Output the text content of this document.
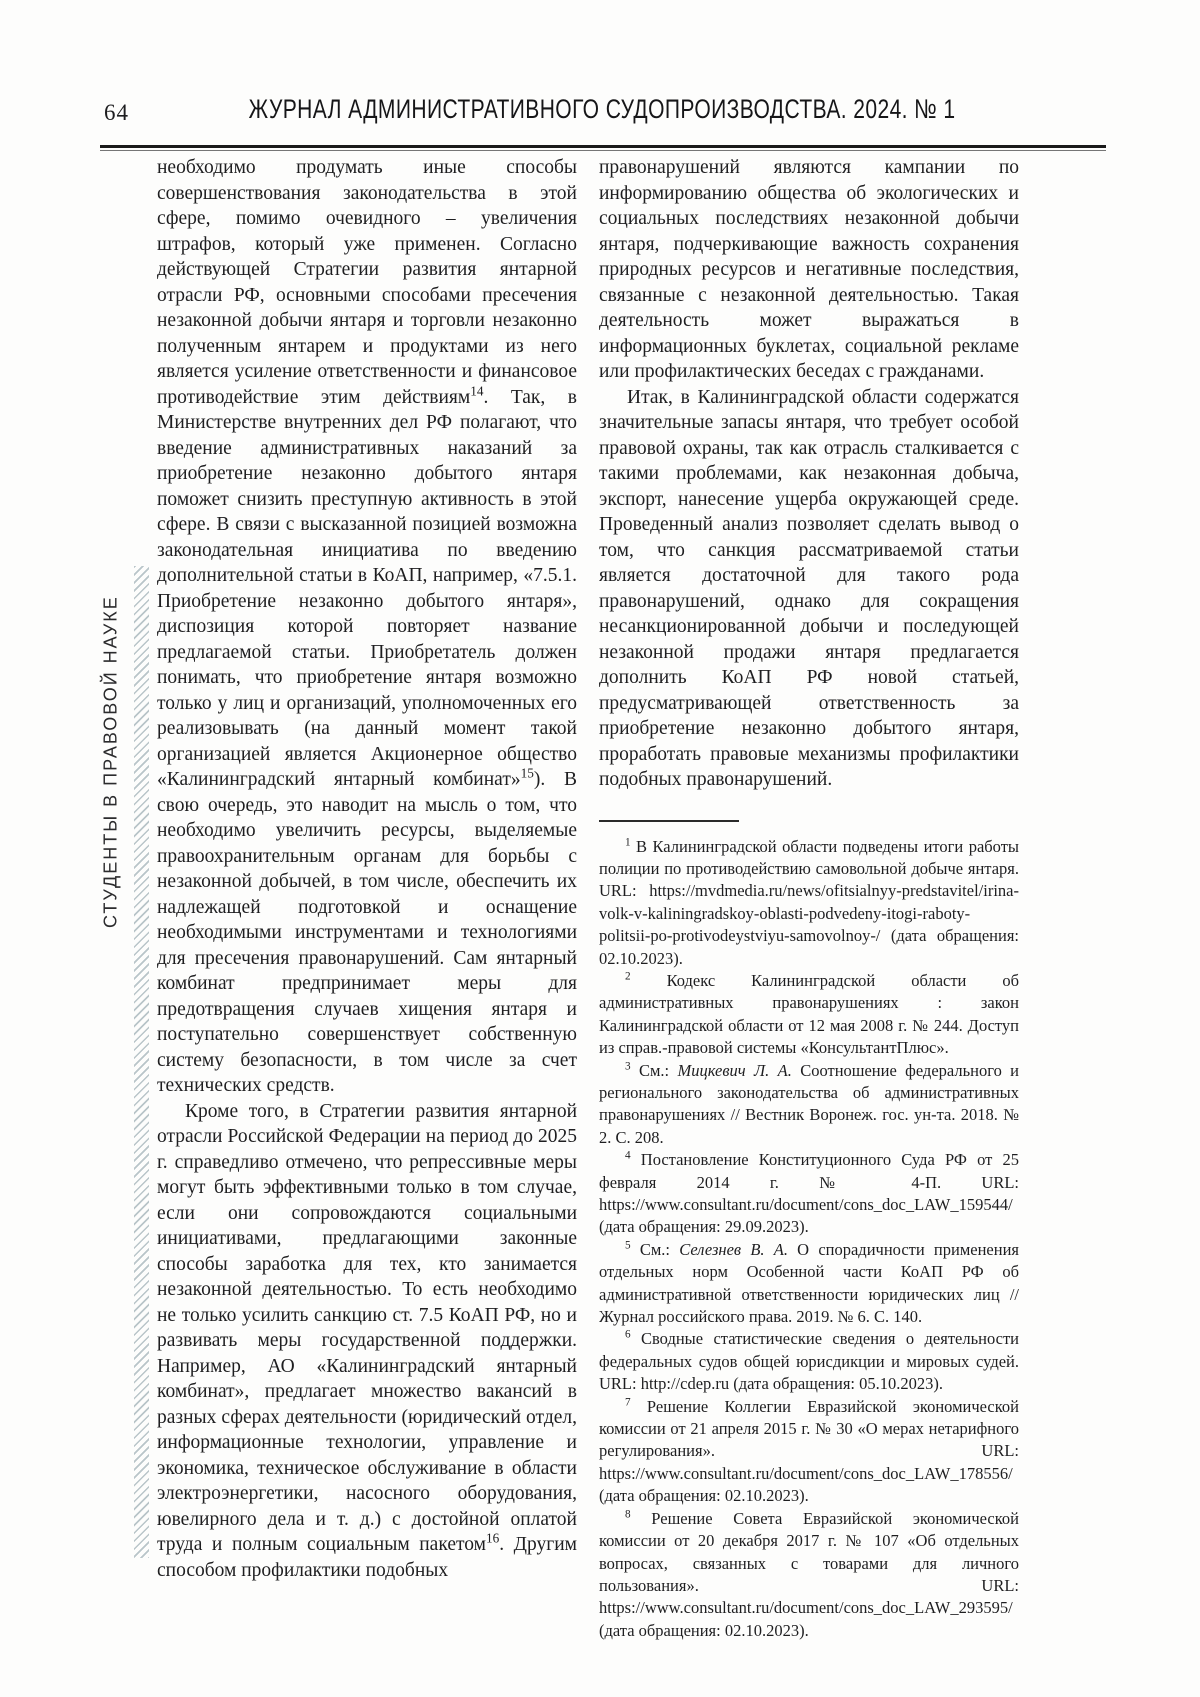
64	ЖУРНАЛ АДМИНИСТРАТИВНОГО СУДОПРОИЗВОДСТВА. 2024. № 1
СТУДЕНТЫ В ПРАВОВОЙ НАУКЕ

необходимо продумать иные способы совершенствования законодательства в этой сфере, помимо очевидного – увеличения штрафов, который уже применен. Согласно действующей Стратегии развития янтарной отрасли РФ, основными способами пресечения незаконной добычи янтаря и торговли незаконно полученным янтарем и продуктами из него является усиление ответственности и финансовое противодействие этим действиям$^{14}$. Так, в Министерстве внутренних дел РФ полагают, что введение административных наказаний за приобретение незаконно добытого янтаря поможет снизить преступную активность в этой сфере. В связи с высказанной позицией возможна законодательная инициатива по введению дополнительной статьи в КоАП, например, «7.5.1. Приобретение незаконно добытого янтаря», диспозиция которой повторяет название предлагаемой статьи. Приобретатель должен понимать, что приобретение янтаря возможно только у лиц и организаций, уполномоченных его реализовывать (на данный момент такой организацией является Акционерное общество «Калининградский янтарный комбинат»$^{15}$). В свою очередь, это наводит на мысль о том, что необходимо увеличить ресурсы, выделяемые правоохранительным органам для борьбы с незаконной добычей, в том числе, обеспечить их надлежащей подготовкой и оснащение необходимыми инструментами и технологиями для пресечения правонарушений. Сам янтарный комбинат предпринимает меры для предотвращения случаев хищения янтаря и поступательно совершенствует собственную систему безопасности, в том числе за счет технических средств.

Кроме того, в Стратегии развития янтарной отрасли Российской Федерации на период до 2025 г. справедливо отмечено, что репрессивные меры могут быть эффективными только в том случае, если они сопровождаются социальными инициативами, предлагающими законные способы заработка для тех, кто занимается незаконной деятельностью. То есть необходимо не только усилить санкцию ст. 7.5 КоАП РФ, но и развивать меры государственной поддержки. Например, АО «Калининградский янтарный комбинат», предлагает множество вакансий в разных сферах деятельности (юридический отдел, информационные технологии, управление и экономика, техническое обслуживание в области электроэнергетики, насосного оборудования, ювелирного дела и т. д.) с достойной оплатой труда и полным социальным пакетом$^{16}$. Другим способом профилактики подобных

правонарушений являются кампании по информированию общества об экологических и социальных последствиях незаконной добычи янтаря, подчеркивающие важность сохранения природных ресурсов и негативные последствия, связанные с незаконной деятельностью. Такая деятельность может выражаться в информационных буклетах, социальной рекламе или профилактических беседах с гражданами.

Итак, в Калининградской области содержатся значительные запасы янтаря, что требует особой правовой охраны, так как отрасль сталкивается с такими проблемами, как незаконная добыча, экспорт, нанесение ущерба окружающей среде. Проведенный анализ позволяет сделать вывод о том, что санкция рассматриваемой статьи является достаточной для такого рода правонарушений, однако для сокращения несанкционированной добычи и последующей незаконной продажи янтаря предлагается дополнить КоАП РФ новой статьей, предусматривающей ответственность за приобретение незаконно добытого янтаря, проработать правовые механизмы профилактики подобных правонарушений.

$^1$ В Калининградской области подведены итоги работы полиции по противодействию самовольной добыче янтаря. URL: https://mvdmedia.ru/news/ofitsialnyy-predstavitel/irina-volk-v-kaliningradskoy-oblasti-podvedeny-itogi-raboty-politsii-po-protivodeystviyu-samovolnoy-/ (дата обращения: 02.10.2023).

$^2$ Кодекс Калининградской области об административных правонарушениях : закон Калининградской области от 12 мая 2008 г. № 244. Доступ из справ.-правовой системы «КонсультантПлюс».

$^3$ См.: Мицкевич Л. А. Соотношение федерального и регионального законодательства об административных правонарушениях // Вестник Воронеж. гос. ун-та. 2018. № 2. С. 208.

$^4$ Постановление Конституционного Суда РФ от 25 февраля 2014 г. № 4-П. URL: https://www.consultant.ru/document/cons_doc_LAW_159544/ (дата обращения: 29.09.2023).

$^5$ См.: Селезнев В. А. О спорадичности применения отдельных норм Особенной части КоАП РФ об административной ответственности юридических лиц // Журнал российского права. 2019. № 6. С. 140.

$^6$ Сводные статистические сведения о деятельности федеральных судов общей юрисдикции и мировых судей. URL: http://cdep.ru (дата обращения: 05.10.2023).

$^7$ Решение Коллегии Евразийской экономической комиссии от 21 апреля 2015 г. № 30 «О мерах нетарифного регулирования». URL: https://www.consultant.ru/document/cons_doc_LAW_178556/ (дата обращения: 02.10.2023).

$^8$ Решение Совета Евразийской экономической комиссии от 20 декабря 2017 г. № 107 «Об отдельных вопросах, связанных с товарами для личного пользования». URL: https://www.consultant.ru/document/cons_doc_LAW_293595/ (дата обращения: 02.10.2023).
